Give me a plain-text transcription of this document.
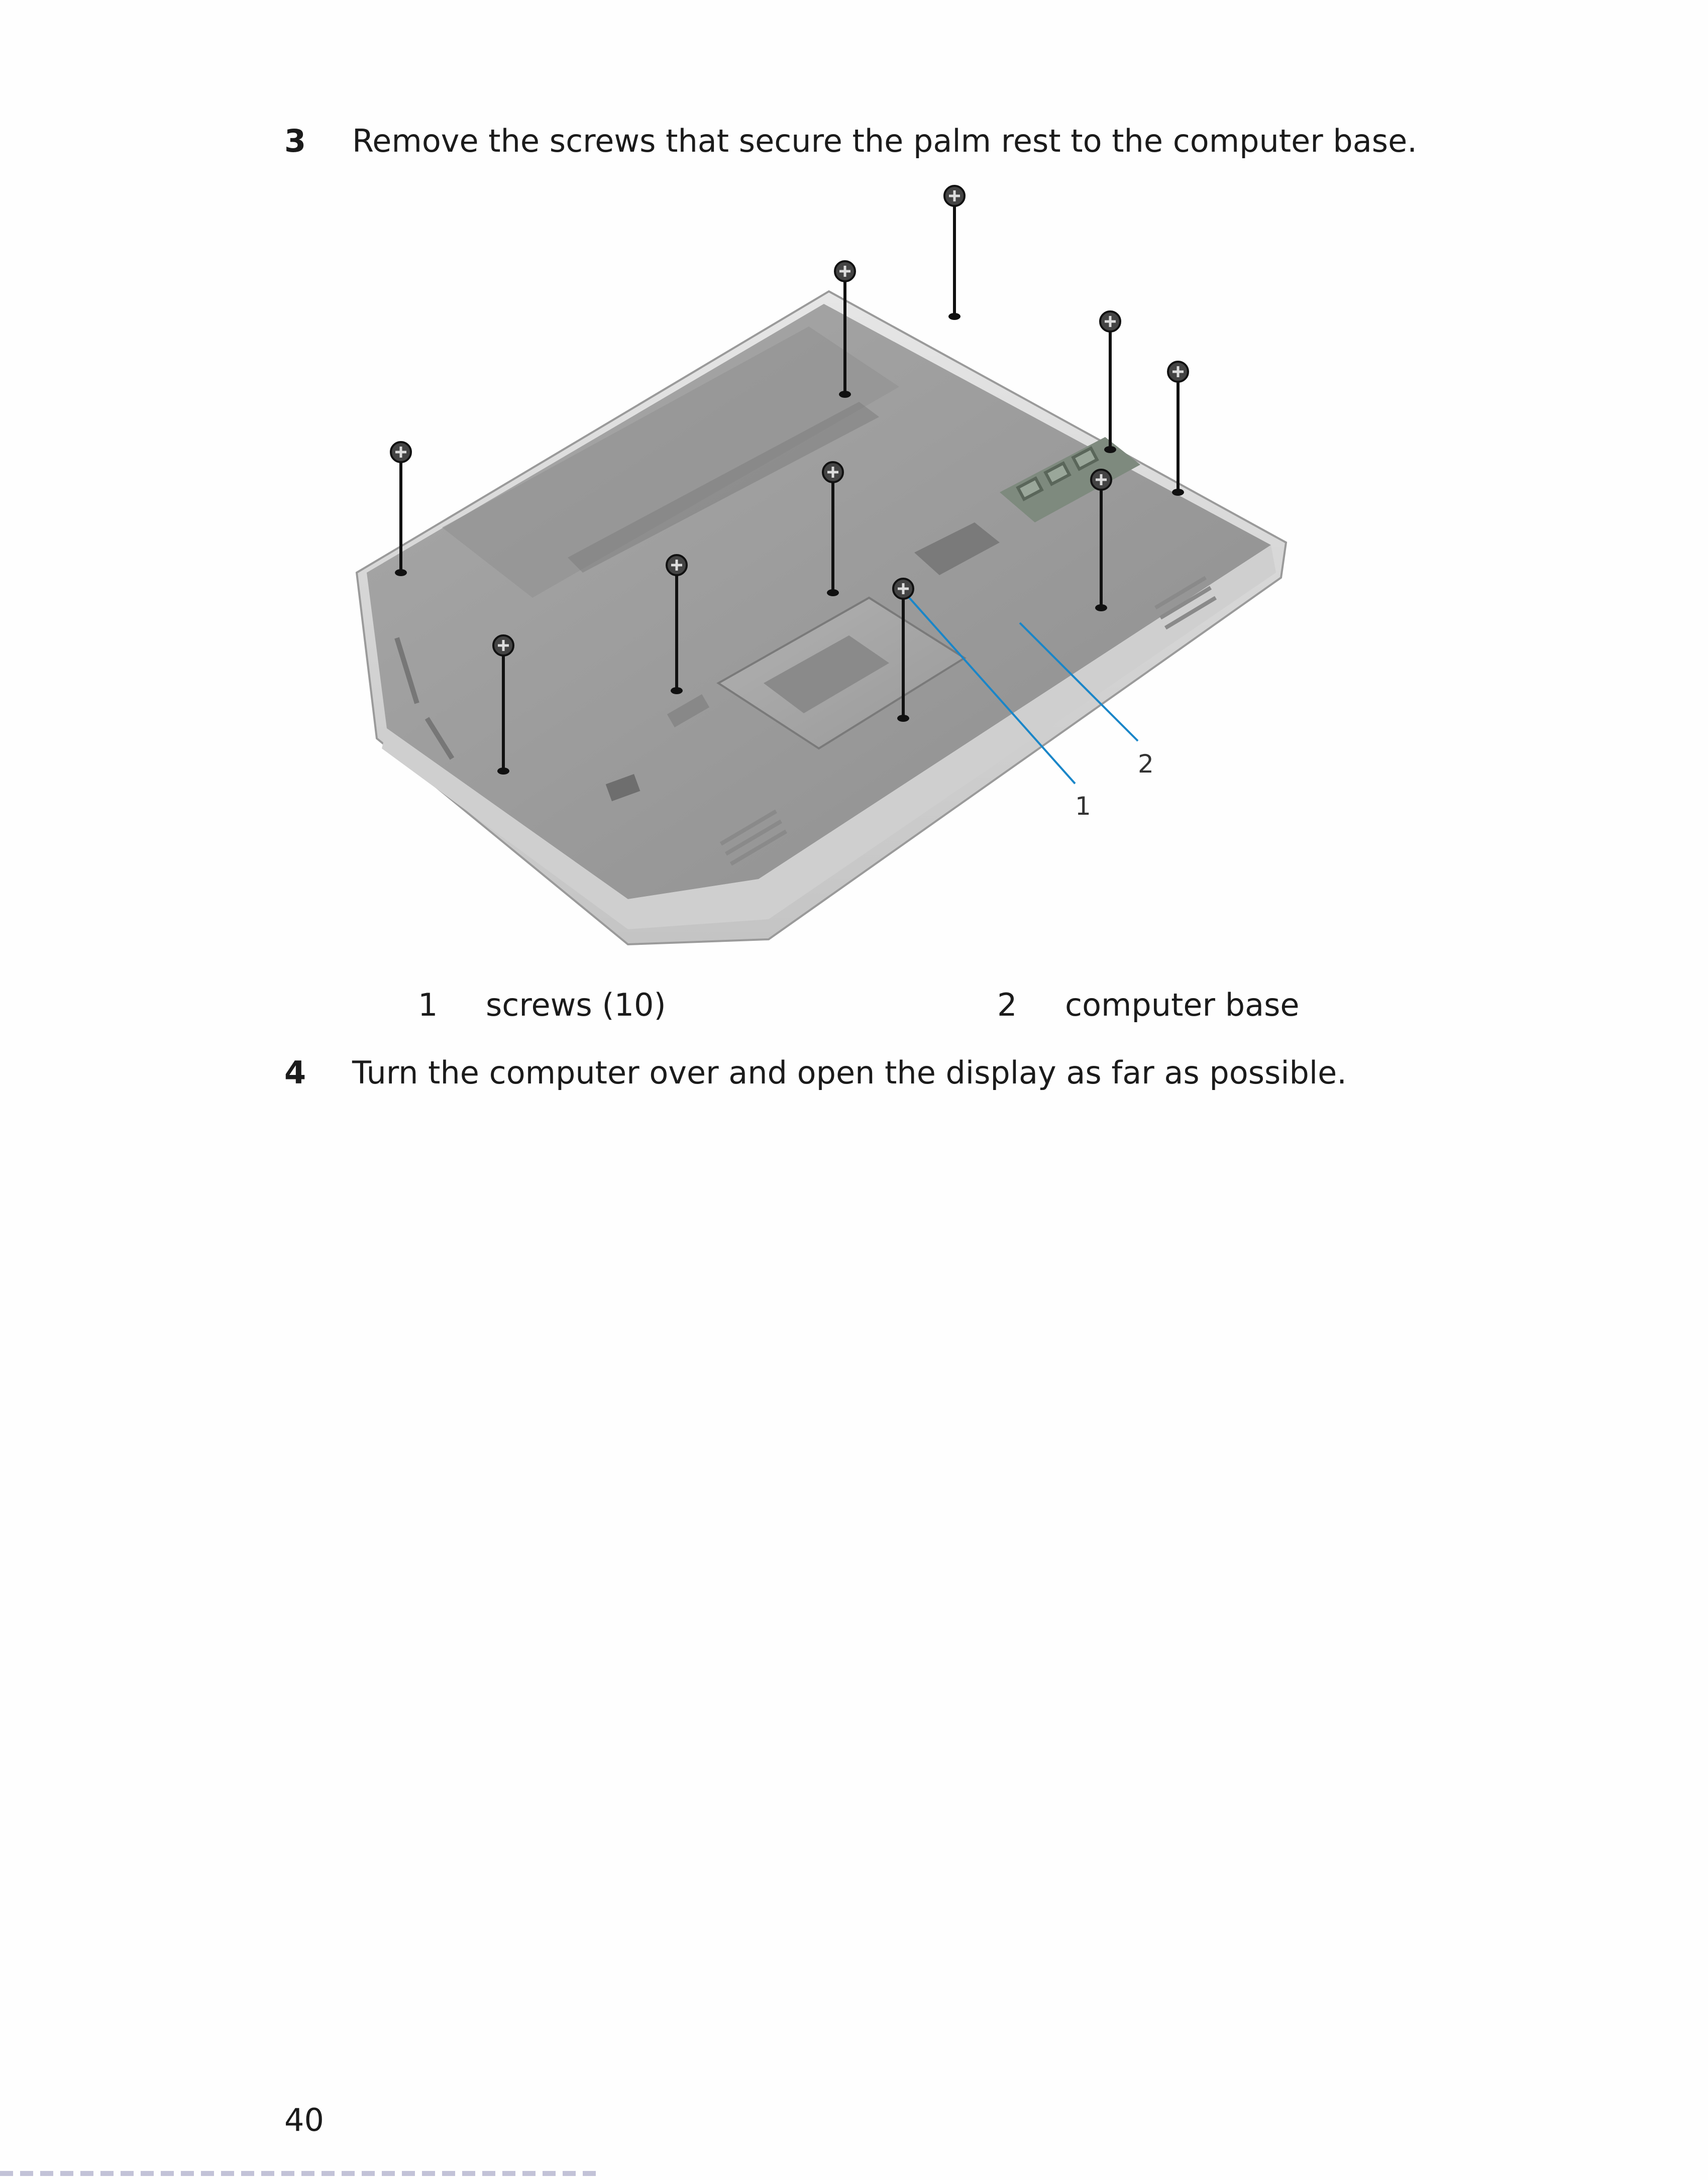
3 Remove the screws that secure the palm rest to the computer base.
1
2
1 screws (10)	2 computer base
4 Turn the computer over and open the display as far as possible.
40
